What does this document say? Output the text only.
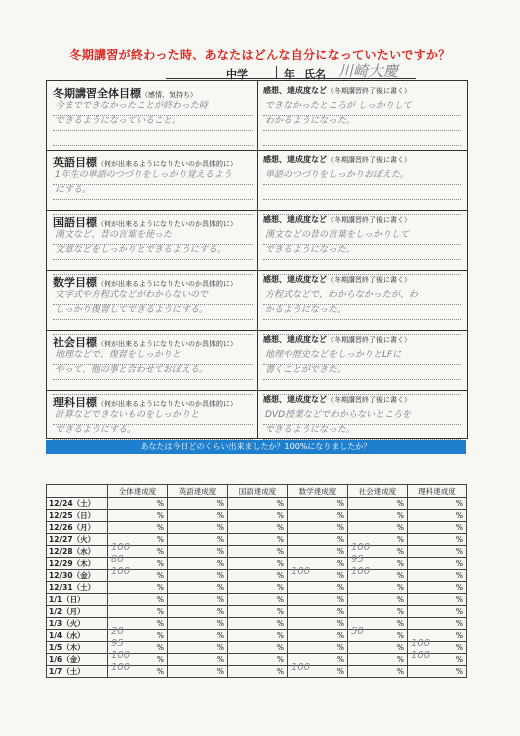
冬期講習が終わった時、あなたはどんな自分になっていたいですか？
中学	年 氏名 川崎大慶
冬期講習全体目標（感情、気持ち）	感想、達成度など（冬期講習終了後に書く）
今までできなかったことが終わった時
できるようになっていること。
できなかったところが しっかりして
わかるようになった。
英語目標（何が出来るようになりたいのか具体的に）	感想、達成度など（冬期講習終了後に書く）
1年生の単語のつづりをしっかり覚えるよう
にする。
単語のつづりをしっかりおぼえた。
国語目標（何が出来るようになりたいのか具体的に）	感想、達成度など（冬期講習終了後に書く）
漢文など、昔の言葉を使った
文章などをしっかりとできるようにする。
漢文などの昔の言葉をしっかりして
できるようになった。
数学目標（何が出来るようになりたいのか具体的に）	感想、達成度など（冬期講習終了後に書く）
文字式や方程式などがわからないので
しっかり復習してできるようにする。
方程式などで、わからなかったが、わ
かるようになった。
社会目標（何が出来るようになりたいのか具体的に）	感想、達成度など（冬期講習終了後に書く）
地理などで、復習をしっかりと
やって、他の事と合わせておぼえる。
地理や歴史などをしっかりとLFに
書くことができた。
理科目標（何が出来るようになりたいのか具体的に）	感想、達成度など（冬期講習終了後に書く）
計算などできないものをしっかりと
できるようにする。
DVD授業などでわからないところを
できるようになった。
あなたは今日どのくらい出来ましたか？100%になりましたか？
	全体達成度	英語達成度	国語達成度	数学達成度	社会達成度	理科達成度
12/24（土）	%	%	%	%	%	%
12/25（日）	%	%	%	%	%	%
12/26（月）	%	%	%	%	%	%
12/27（火）	%	%	%	%	%	%
12/28（水）	100 %	%	%	%	100 %	%
12/29（木）	80 %	%	%	%	95 %	%
12/30（金）	100 %	%	%	100 %	100 %	%
12/31（土）	%	%	%	%	%	%
1/1（日）	%	%	%	%	%	%
1/2（月）	%	%	%	%	%	%
1/3（火）	%	%	%	%	%	%
1/4（水）	20 %	%	%	%	50 %	%
1/5（木）	95 %	%	%	%	%	100 %
1/6（金）	100 %	%	%	%	%	100 %
1/7（土）	100 %	%	%	100 %	%	%
